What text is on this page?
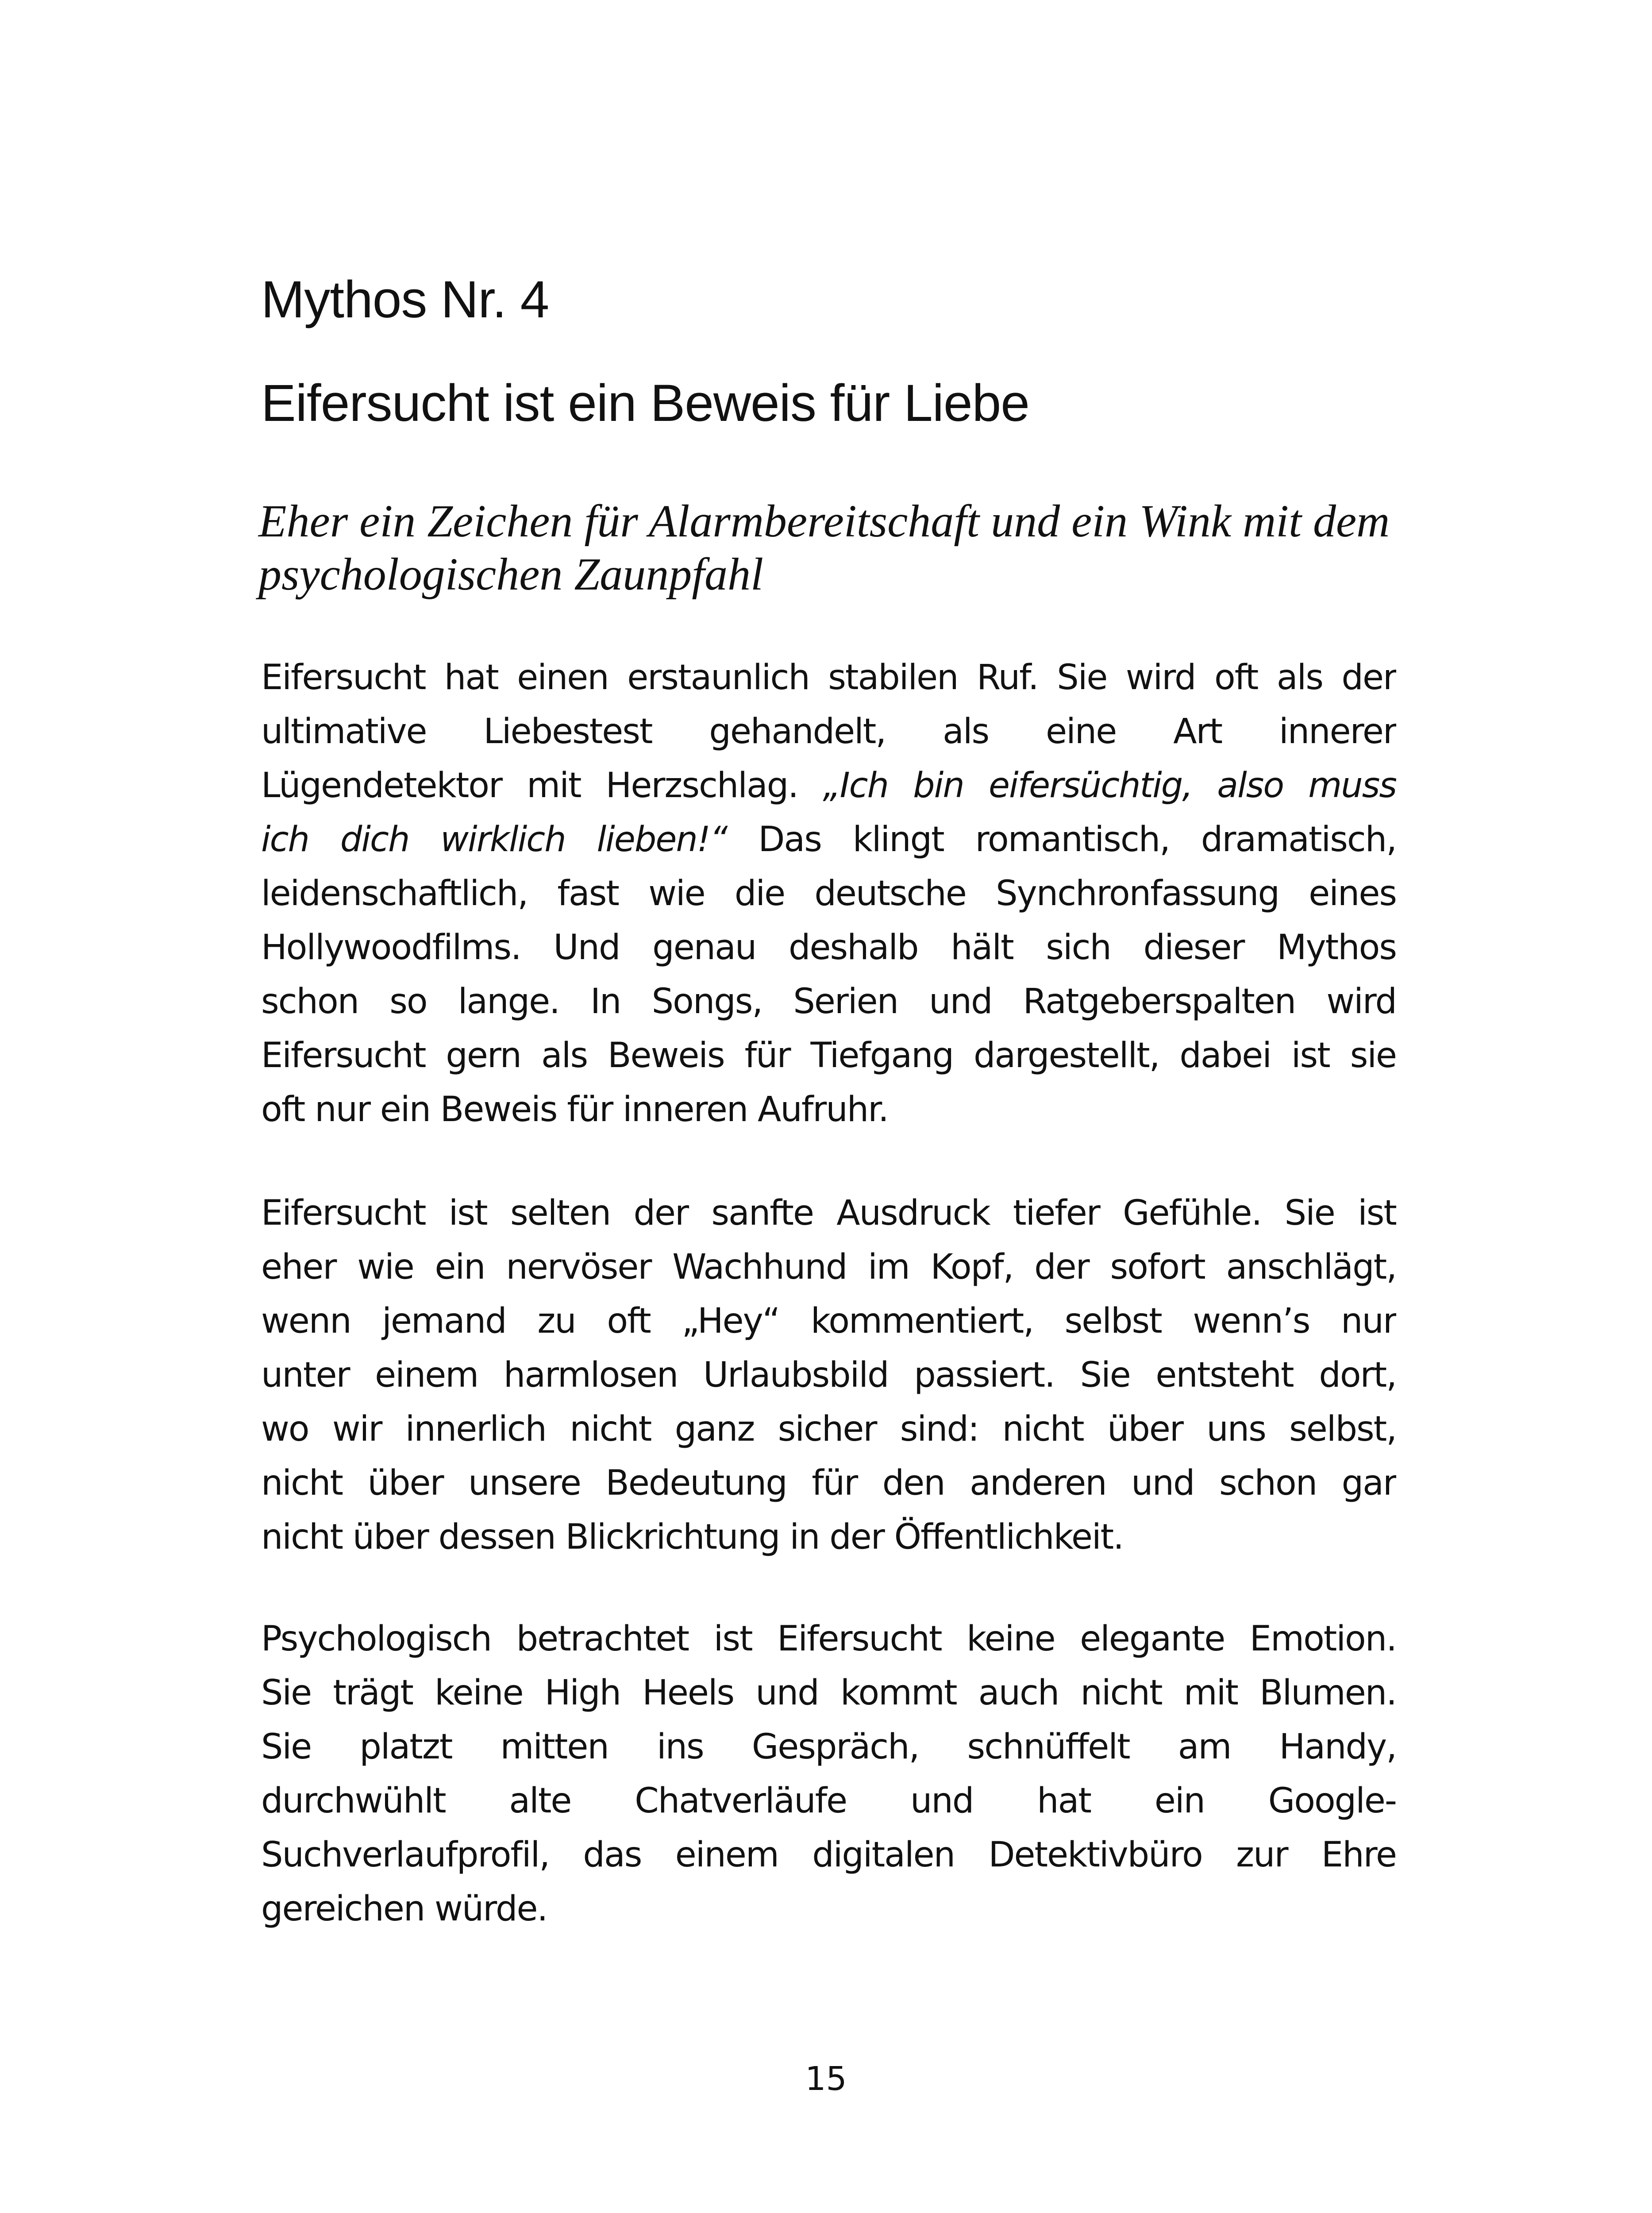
Mythos Nr. 4
Eifersucht ist ein Beweis für Liebe

Eher ein Zeichen für Alarmbereitschaft und ein Wink mit dem
psychologischen Zaunpfahl

Eifersucht hat einen erstaunlich stabilen Ruf. Sie wird oft als der
ultimative Liebestest gehandelt, als eine Art innerer
Lügendetektor mit Herzschlag. „Ich bin eifersüchtig, also muss
ich dich wirklich lieben!“ Das klingt romantisch, dramatisch,
leidenschaftlich, fast wie die deutsche Synchronfassung eines
Hollywoodfilms. Und genau deshalb hält sich dieser Mythos
schon so lange. In Songs, Serien und Ratgeberspalten wird
Eifersucht gern als Beweis für Tiefgang dargestellt, dabei ist sie
oft nur ein Beweis für inneren Aufruhr.
Eifersucht ist selten der sanfte Ausdruck tiefer Gefühle. Sie ist
eher wie ein nervöser Wachhund im Kopf, der sofort anschlägt,
wenn jemand zu oft „Hey“ kommentiert, selbst wenn’s nur
unter einem harmlosen Urlaubsbild passiert. Sie entsteht dort,
wo wir innerlich nicht ganz sicher sind: nicht über uns selbst,
nicht über unsere Bedeutung für den anderen und schon gar
nicht über dessen Blickrichtung in der Öffentlichkeit.
Psychologisch betrachtet ist Eifersucht keine elegante Emotion.
Sie trägt keine High Heels und kommt auch nicht mit Blumen.
Sie platzt mitten ins Gespräch, schnüffelt am Handy,
durchwühlt alte Chatverläufe und hat ein Google-
Suchverlaufprofil, das einem digitalen Detektivbüro zur Ehre
gereichen würde.

15
